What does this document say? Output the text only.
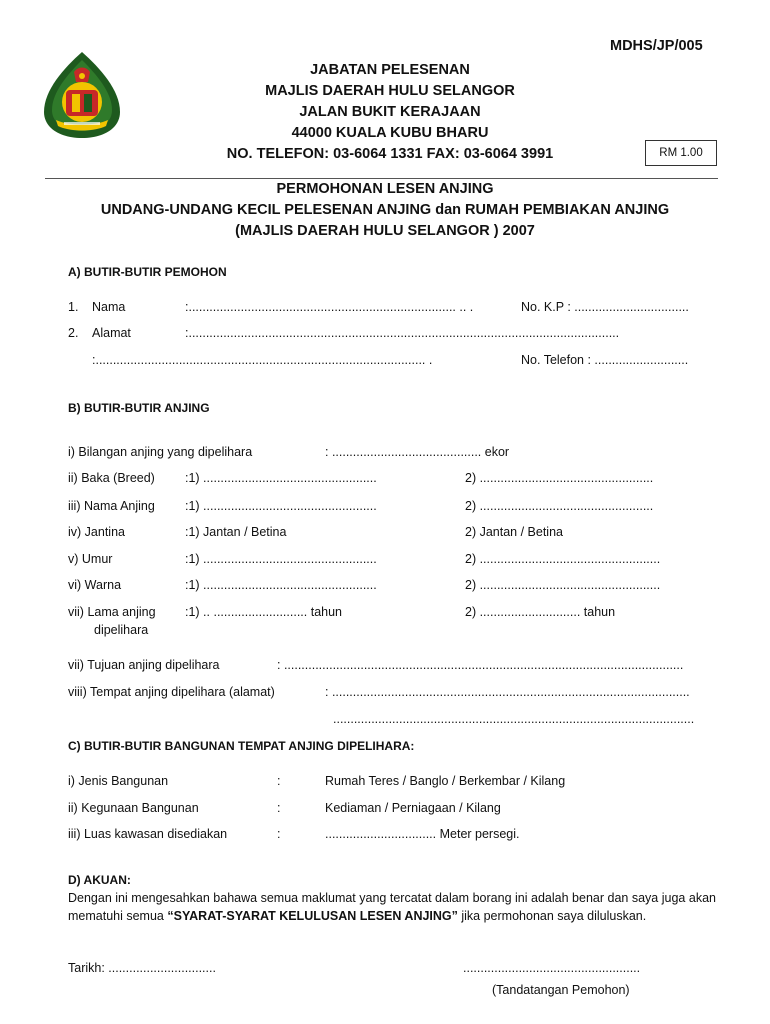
MDHS/JP/005
JABATAN PELESENAN
MAJLIS DAERAH HULU SELANGOR
JALAN BUKIT KERAJAAN
44000 KUALA KUBU BHARU
NO. TELEFON: 03-6064 1331 FAX: 03-6064 3991	RM 1.00
PERMOHONAN LESEN ANJING
UNDANG-UNDANG KECIL PELESENAN ANJING dan RUMAH PEMBIAKAN ANJING
(MAJLIS DAERAH HULU SELANGOR ) 2007
A) BUTIR-BUTIR PEMOHON
1. Nama	:............................................................................. .. .	No. K.P : .................................
2. Alamat	:............................................................................................................................
:............................................................................................... .	No. Telefon : ...........................
B) BUTIR-BUTIR ANJING
i) Bilangan anjing yang dipelihara	: ........................................... ekor
ii) Baka (Breed) :1) ..................................................	2) ..................................................
iii) Nama Anjing :1) ..................................................	2) ..................................................
iv) Jantina	:1) Jantan / Betina	2) Jantan / Betina
v) Umur	:1) ..................................................	2) ....................................................
vi) Warna	:1) ..................................................	2) ....................................................
vii) Lama anjing
dipelihara
:1) .. ........................... tahun	2) ............................. tahun
vii) Tujuan anjing dipelihara	: ...................................................................................................................
viii) Tempat anjing dipelihara (alamat)	: .......................................................................................................
........................................................................................................
C) BUTIR-BUTIR BANGUNAN TEMPAT ANJING DIPELIHARA:
i) Jenis Bangunan	:	Rumah Teres / Banglo / Berkembar / Kilang
ii) Kegunaan Bangunan	:	Kediaman / Perniagaan / Kilang
iii) Luas kawasan disediakan	:	................................ Meter persegi.
D) AKUAN:
Dengan ini mengesahkan bahawa semua maklumat yang tercatat dalam borang ini adalah benar dan saya juga akan mematuhi semua “SYARAT-SYARAT KELULUSAN LESEN ANJING” jika permohonan saya diluluskan.
Tarikh: ...............................	...................................................
(Tandatangan Pemohon)
